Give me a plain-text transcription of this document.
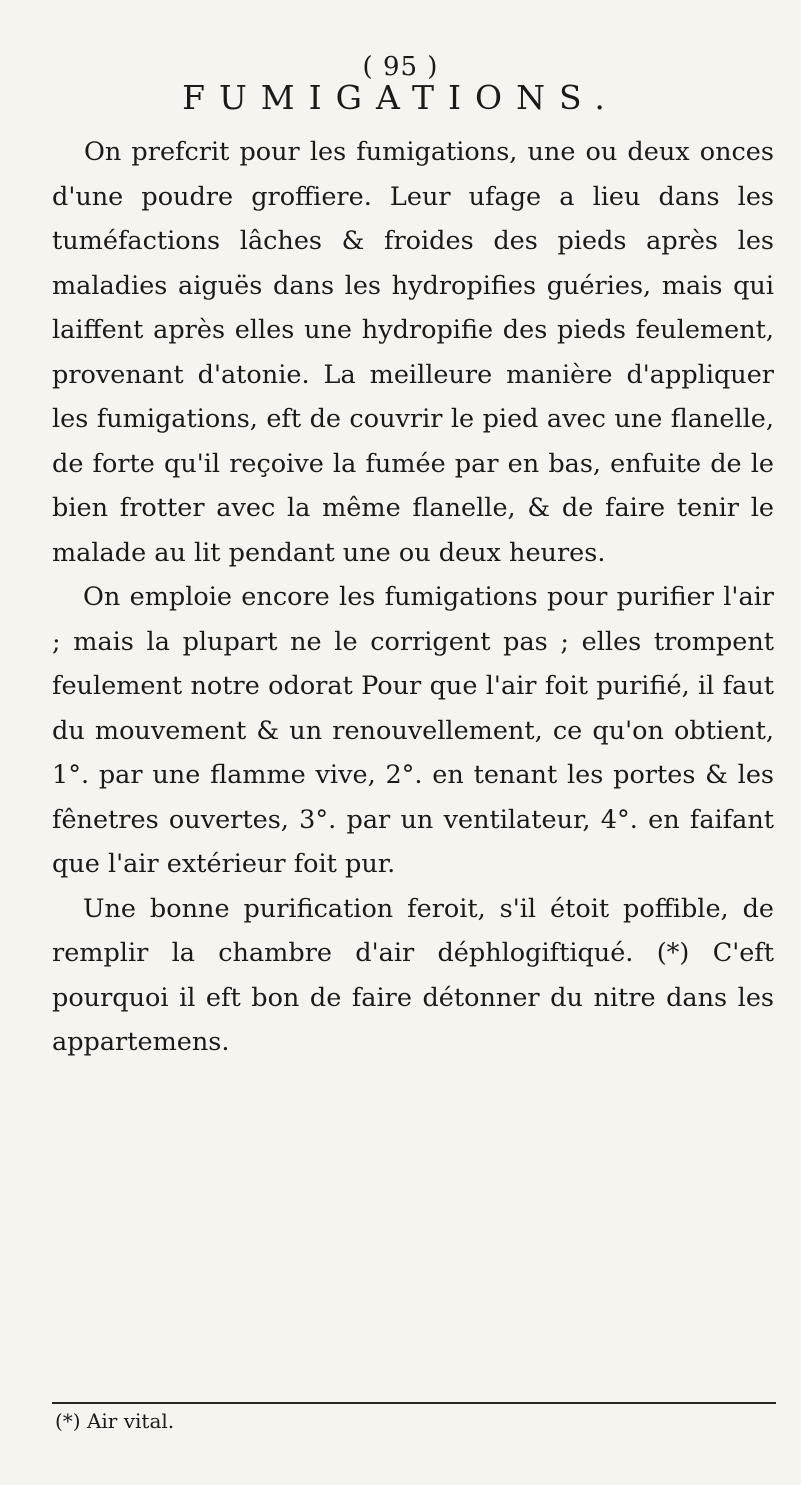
( 95 )
FUMIGATIONS.

On prefcrit pour les fumigations, une ou deux onces d'une poudre groffiere. Leur ufage a lieu dans les tuméfactions lâches & froides des pieds après les maladies aiguës dans les hydropifies guéries, mais qui laiffent après elles une hydropifie des pieds feulement, provenant d'atonie. La meilleure manière d'appliquer les fumigations, eft de couvrir le pied avec une flanelle, de forte qu'il reçoive la fumée par en bas, enfuite de le bien frotter avec la même flanelle, & de faire tenir le malade au lit pendant une ou deux heures.

On emploie encore les fumigations pour purifier l'air ; mais la plupart ne le corrigent pas ; elles trompent feulement notre odorat Pour que l'air foit purifié, il faut du mouvement & un renouvellement, ce qu'on obtient, 1°. par une flamme vive, 2°. en tenant les portes & les fênetres ouvertes, 3°. par un ventilateur, 4°. en faifant que l'air extérieur foit pur.

Une bonne purification feroit, s'il étoit poffible, de remplir la chambre d'air déphlogiftiqué. (*) C'eft pourquoi il eft bon de faire détonner du nitre dans les appartemens.

(*) Air vital.
